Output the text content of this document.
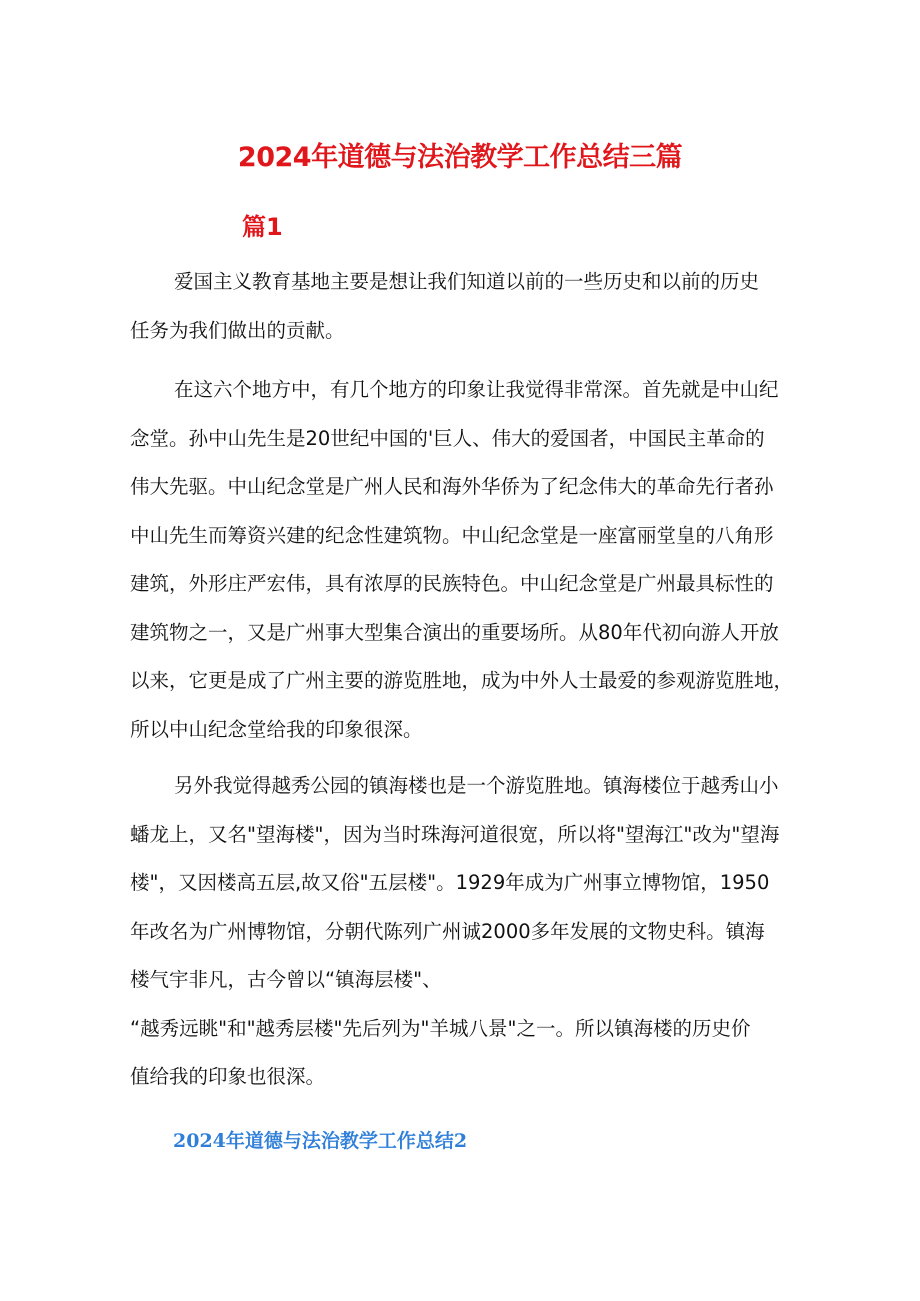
2024年道德与法治教学工作总结三篇
篇1

爱国主义教育基地主要是想让我们知道以前的一些历史和以前的历史
任务为我们做出的贡献。

在这六个地方中，有几个地方的印象让我觉得非常深。首先就是中山纪
念堂。孙中山先生是20世纪中国的'巨人、伟大的爱国者，中国民主革命的
伟大先驱。中山纪念堂是广州人民和海外华侨为了纪念伟大的革命先行者孙
中山先生而筹资兴建的纪念性建筑物。中山纪念堂是一座富丽堂皇的八角形
建筑，外形庄严宏伟，具有浓厚的民族特色。中山纪念堂是广州最具标性的
建筑物之一，又是广州事大型集合演出的重要场所。从80年代初向游人开放
以来，它更是成了广州主要的游览胜地，成为中外人士最爱的参观游览胜地，
所以中山纪念堂给我的印象很深。

另外我觉得越秀公园的镇海楼也是一个游览胜地。镇海楼位于越秀山小
蟠龙上，又名"望海楼"，因为当时珠海河道很宽，所以将"望海江"改为"望海
楼"，又因楼高五层,故又俗"五层楼"。1929年成为广州事立博物馆，1950
年改名为广州博物馆，分朝代陈列广州诚2000多年发展的文物史科。镇海
楼气宇非凡，古今曾以“镇海层楼"、
“越秀远眺"和"越秀层楼"先后列为"羊城八景"之一。所以镇海楼的历史价
值给我的印象也很深。

2024年道德与法治教学工作总结2
